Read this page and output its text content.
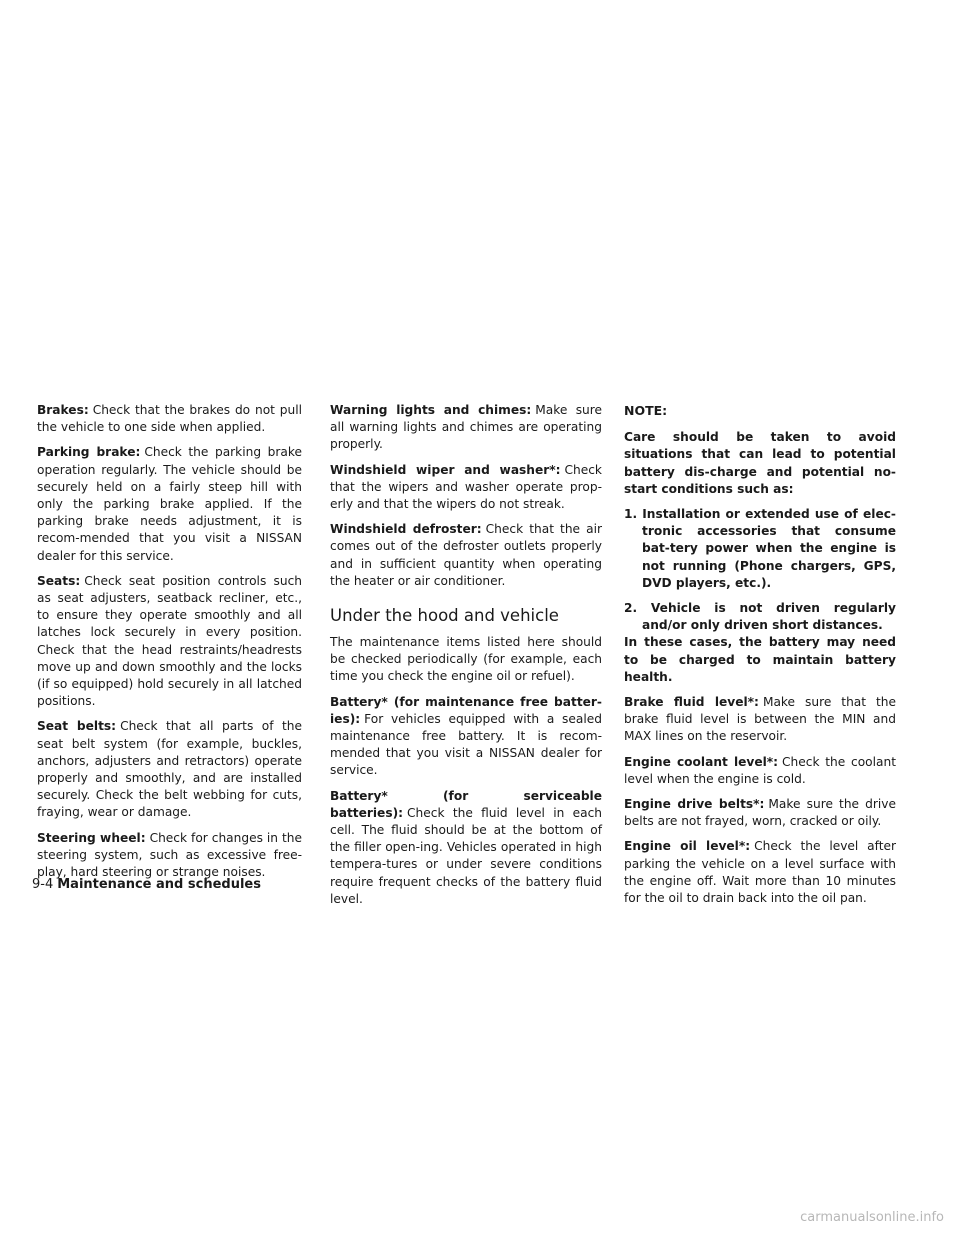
Brakes: Check that the brakes do not pull the vehicle to one side when applied.

Parking brake: Check the parking brake operation regularly. The vehicle should be securely held on a fairly steep hill with only the parking brake applied. If the parking brake needs adjustment, it is recom-mended that you visit a NISSAN dealer for this service.

Seats: Check seat position controls such as seat adjusters, seatback recliner, etc., to ensure they operate smoothly and all latches lock securely in every position. Check that the head restraints/headrests move up and down smoothly and the locks (if so equipped) hold securely in all latched positions.

Seat belts: Check that all parts of the seat belt system (for example, buckles, anchors, adjusters and retractors) operate properly and smoothly, and are installed securely. Check the belt webbing for cuts, fraying, wear or damage.

Steering wheel: Check for changes in the steering system, such as excessive free-play, hard steering or strange noises.

Warning lights and chimes: Make sure all warning lights and chimes are operating properly.

Windshield wiper and washer*: Check that the wipers and washer operate prop-erly and that the wipers do not streak.

Windshield defroster: Check that the air comes out of the defroster outlets properly and in sufficient quantity when operating the heater or air conditioner.

Under the hood and vehicle

The maintenance items listed here should be checked periodically (for example, each time you check the engine oil or refuel).

Battery* (for maintenance free batter-ies): For vehicles equipped with a sealed maintenance free battery. It is recom-mended that you visit a NISSAN dealer for service.

Battery* (for serviceable batteries): Check the fluid level in each cell. The fluid should be at the bottom of the filler open-ing. Vehicles operated in high tempera-tures or under severe conditions require frequent checks of the battery fluid level.

NOTE:

Care should be taken to avoid situations that can lead to potential battery dis-charge and potential no-start conditions such as:

1. Installation or extended use of elec-tronic accessories that consume bat-tery power when the engine is not running (Phone chargers, GPS, DVD players, etc.).

2. Vehicle is not driven regularly and/or only driven short distances.

In these cases, the battery may need to be charged to maintain battery health.

Brake fluid level*: Make sure that the brake fluid level is between the MIN and MAX lines on the reservoir.

Engine coolant level*: Check the coolant level when the engine is cold.

Engine drive belts*: Make sure the drive belts are not frayed, worn, cracked or oily.

Engine oil level*: Check the level after parking the vehicle on a level surface with the engine off. Wait more than 10 minutes for the oil to drain back into the oil pan.

9-4 Maintenance and schedules
carmanualsonline.info
